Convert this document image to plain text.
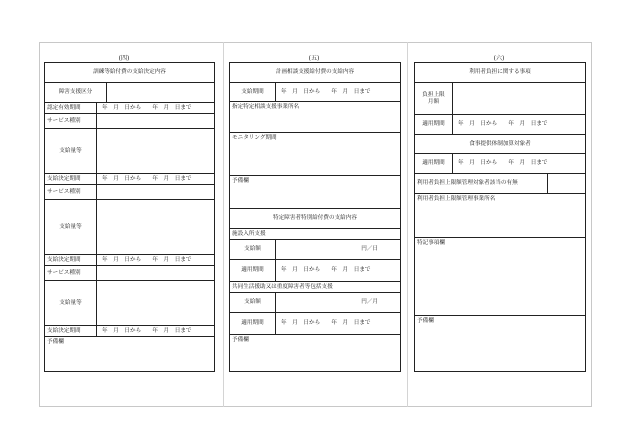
(四)
訓練等給付費の支給決定内容
障害支援区分
認定有効期間	年　月　日から　　年　月　日まで
サービス種別
支給量等
支給決定期間	年　月　日から　　年　月　日まで
サービス種別
支給量等
支給決定期間	年　月　日から　　年　月　日まで
サービス種別
支給量等
支給決定期間	年　月　日から　　年　月　日まで
予備欄
(五)
計画相談支援給付費の支給内容
支給期間	年　月　日から　　年　月　日まで
指定特定相談支援事業所名
モニタリング期間
予備欄
特定障害者特別給付費の支給内容
施設入所支援
支給額	円／日
適用期間	年　月　日から　　年　月　日まで
共同生活援助又は重度障害者等包括支援
支給額	円／月
適用期間	年　月　日から　　年　月　日まで
予備欄
(六)
利用者負担に関する事項
負担上限
月額
適用期間	年　月　日から　　年　月　日まで
食事提供体制加算対象者
適用期間	年　月　日から　　年　月　日まで
利用者負担上限額管理対象者該当の有無
利用者負担上限額管理事業所名
特記事項欄
予備欄
